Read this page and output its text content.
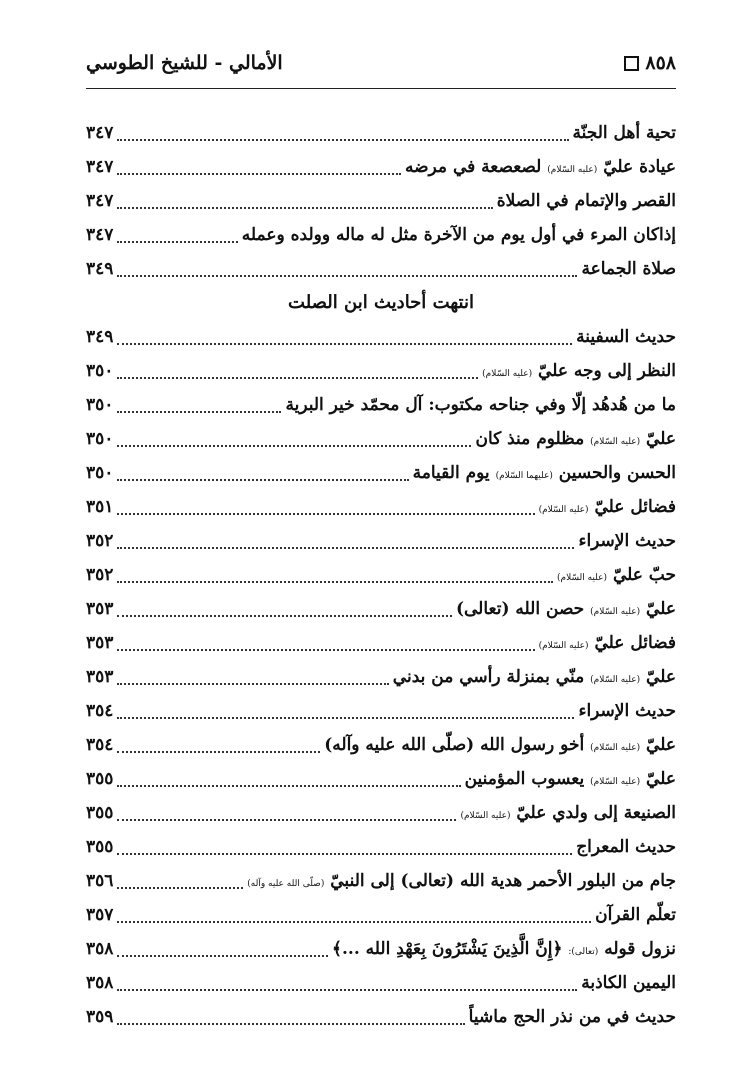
٨٥٨
الأمالي - للشيخ الطوسي
تحية أهل الجنّة
٣٤٧
عيادة عليّ (عليه السّلام) لصعصعة في مرضه
٣٤٧
القصر والإتمام في الصلاة
٣٤٧
إذاكان المرء في أول يوم من الآخرة مثل له ماله وولده وعمله
٣٤٧
صلاة الجماعة
٣٤٩
انتهت أحاديث ابن الصلت
حديث السفينة
٣٤٩
النظر إلى وجه عليّ (عليه السّلام)
٣٥٠
ما من هُدهُد إلّا وفي جناحه مكتوب: آل محمّد خير البرية
٣٥٠
عليّ (عليه السّلام) مظلوم منذ كان
٣٥٠
الحسن والحسين (عليهما السّلام) يوم القيامة
٣٥٠
فضائل عليّ (عليه السّلام)
٣٥١
حديث الإسراء
٣٥٢
حبّ عليّ (عليه السّلام)
٣٥٢
عليّ (عليه السّلام) حصن الله (تعالى)
٣٥٣
فضائل عليّ (عليه السّلام)
٣٥٣
عليّ (عليه السّلام) منّي بمنزلة رأسي من بدني
٣٥٣
حديث الإسراء
٣٥٤
عليّ (عليه السّلام) أخو رسول الله (صلّى الله عليه وآله)
٣٥٤
عليّ (عليه السّلام) يعسوب المؤمنين
٣٥٥
الصنيعة إلى ولدي عليّ (عليه السّلام)
٣٥٥
حديث المعراج
٣٥٥
جام من البلور الأحمر هدية الله (تعالى) إلى النبيّ (صلّى الله عليه وآله)
٣٥٦
تعلّم القرآن
٣٥٧
نزول قوله (تعالى): ﴿إِنَّ الَّذِينَ يَشْتَرُونَ بِعَهْدِ الله ...﴾
٣٥٨
اليمين الكاذبة
٣٥٨
حديث في من نذر الحج ماشياً
٣٥٩
